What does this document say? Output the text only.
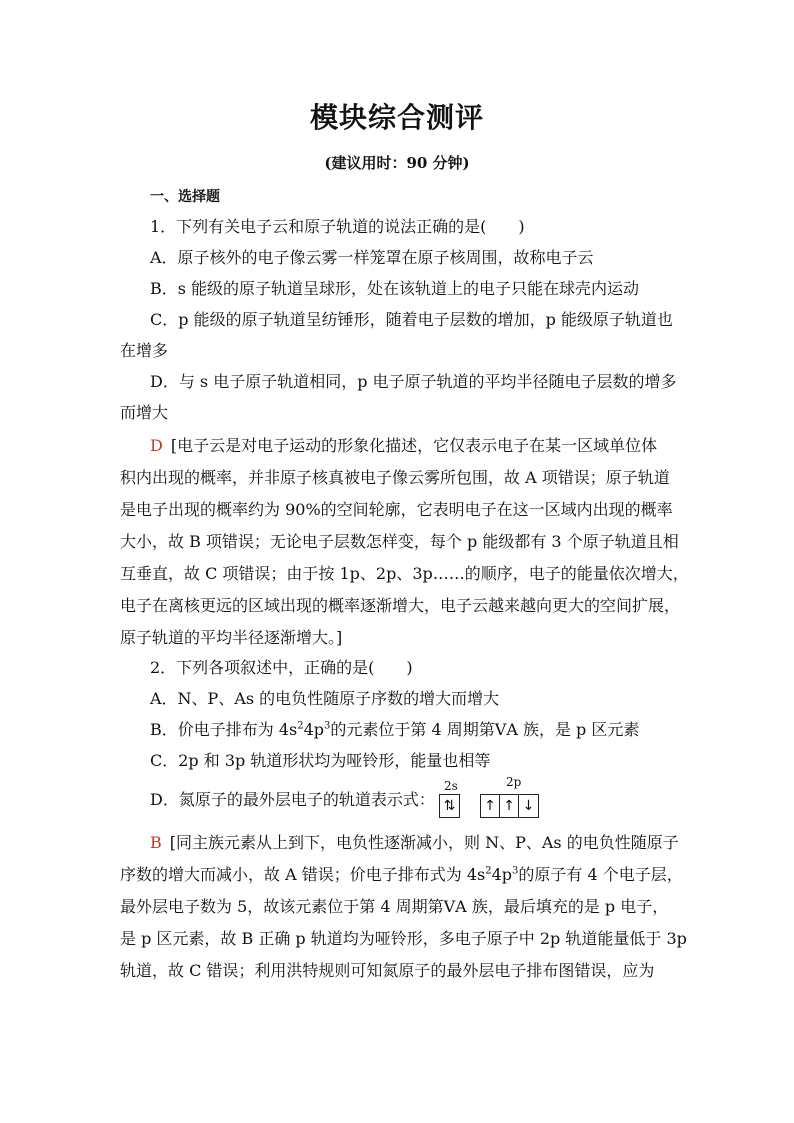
模块综合测评
(建议用时：90 分钟)
一、选择题
1．下列有关电子云和原子轨道的说法正确的是(　　)
A．原子核外的电子像云雾一样笼罩在原子核周围，故称电子云
B．s 能级的原子轨道呈球形，处在该轨道上的电子只能在球壳内运动
C．p 能级的原子轨道呈纺锤形，随着电子层数的增加，p 能级原子轨道也
在增多
D．与 s 电子原子轨道相同，p 电子原子轨道的平均半径随电子层数的增多
而增大
D [电子云是对电子运动的形象化描述，它仅表示电子在某一区域单位体
积内出现的概率，并非原子核真被电子像云雾所包围，故 A 项错误；原子轨道
是电子出现的概率约为 90%的空间轮廓，它表明电子在这一区域内出现的概率
大小，故 B 项错误；无论电子层数怎样变，每个 p 能级都有 3 个原子轨道且相
互垂直，故 C 项错误；由于按 1p、2p、3p……的顺序，电子的能量依次增大，
电子在离核更远的区域出现的概率逐渐增大，电子云越来越向更大的空间扩展，
原子轨道的平均半径逐渐增大。]
2．下列各项叙述中，正确的是(　　)
A．N、P、As 的电负性随原子序数的增大而增大
B．价电子排布为 $4s^24p^3$的元素位于第 4 周期第ⅤA 族，是 p 区元素
C．2p 和 3p 轨道形状均为哑铃形，能量也相等
D．氮原子的最外层电子的轨道表示式：
2s
⇅
2p
↑ ↑ ↓
B [同主族元素从上到下，电负性逐渐减小，则 N、P、As 的电负性随原子
序数的增大而减小，故 A 错误；价电子排布式为 $4s^24p^3$的原子有 4 个电子层，
最外层电子数为 5，故该元素位于第 4 周期第ⅤA 族，最后填充的是 p 电子，
是 p 区元素，故 B 正确 p 轨道均为哑铃形，多电子原子中 2p 轨道能量低于 3p
轨道，故 C 错误；利用洪特规则可知氮原子的最外层电子排布图错误，应为
